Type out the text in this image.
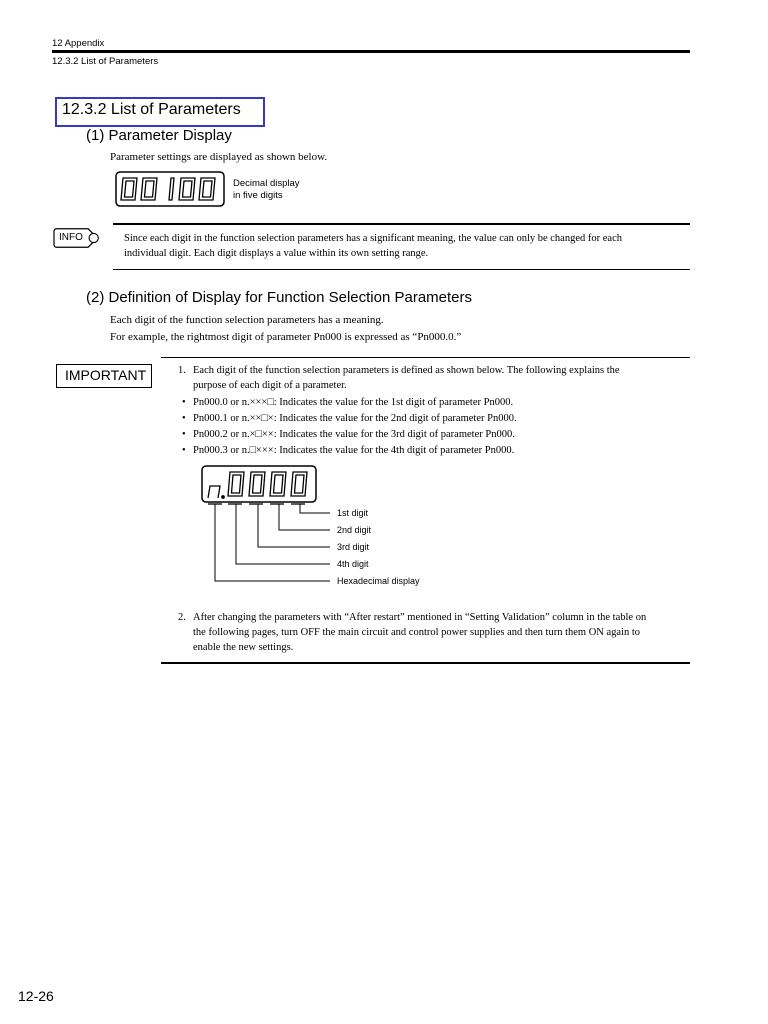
12 Appendix
12.3.2 List of Parameters
12.3.2 List of Parameters
(1) Parameter Display
Parameter settings are displayed as shown below.
Decimal display
in five digits
INFO	Since each digit in the function selection parameters has a significant meaning, the value can only be changed for each
individual digit. Each digit displays a value within its own setting range.
(2) Definition of Display for Function Selection Parameters
Each digit of the function selection parameters has a meaning.
For example, the rightmost digit of parameter Pn000 is expressed as “Pn000.0.”
IMPORTANT	1. Each digit of the function selection parameters is defined as shown below. The following explains the
purpose of each digit of a parameter.
• Pn000.0 or n.×××□: Indicates the value for the 1st digit of parameter Pn000.
• Pn000.1 or n.××□×: Indicates the value for the 2nd digit of parameter Pn000.
• Pn000.2 or n.×□××: Indicates the value for the 3rd digit of parameter Pn000.
• Pn000.3 or n.□×××: Indicates the value for the 4th digit of parameter Pn000.
1st digit
2nd digit
3rd digit
4th digit
Hexadecimal display
2. After changing the parameters with “After restart” mentioned in “Setting Validation” column in the table on
the following pages, turn OFF the main circuit and control power supplies and then turn them ON again to
enable the new settings.
12-26
